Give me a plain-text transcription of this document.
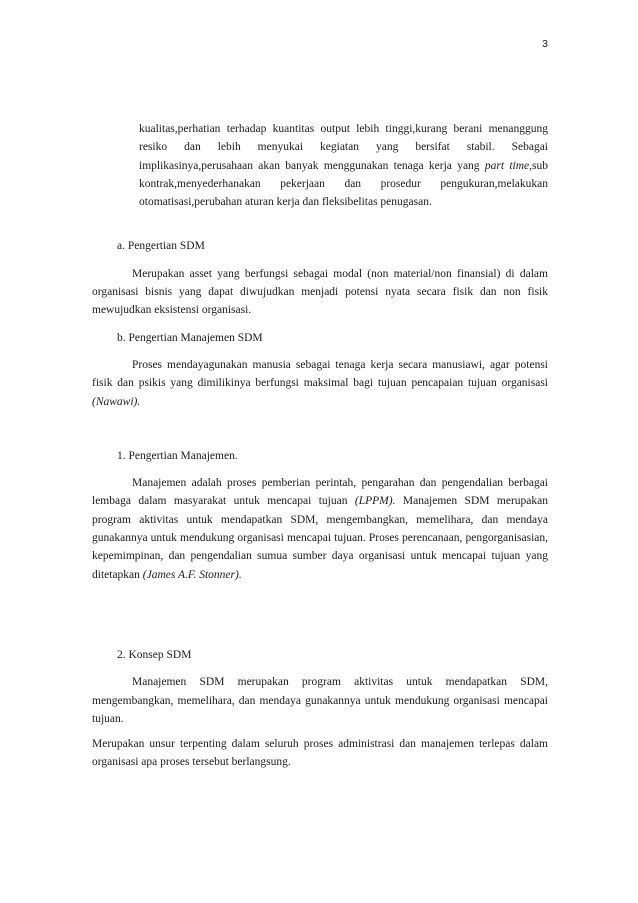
3

kualitas,perhatian terhadap kuantitas output lebih tinggi,kurang berani menanggung resiko dan lebih menyukai kegiatan yang bersifat stabil. Sebagai implikasinya,perusahaan akan banyak menggunakan tenaga kerja yang part time,sub kontrak,menyederhanakan pekerjaan dan prosedur pengukuran,melakukan otomatisasi,perubahan aturan kerja dan fleksibelitas penugasan.

a. Pengertian SDM

Merupakan asset yang berfungsi sebagai modal (non material/non finansial) di dalam organisasi bisnis yang dapat diwujudkan menjadi potensi nyata secara fisik dan non fisik mewujudkan eksistensi organisasi.

b. Pengertian Manajemen SDM

Proses mendayagunakan manusia sebagai tenaga kerja secara manusiawi, agar potensi fisik dan psikis yang dimilikinya berfungsi maksimal bagi tujuan pencapaian tujuan organisasi (Nawawi).

1. Pengertian Manajemen.

Manajemen adalah proses pemberian perintah, pengarahan dan pengendalian berbagai lembaga dalam masyarakat untuk mencapai tujuan (LPPM). Manajemen SDM merupakan program aktivitas untuk mendapatkan SDM, mengembangkan, memelihara, dan mendaya gunakannya untuk mendukung organisasi mencapai tujuan. Proses perencanaan, pengorganisasian, kepemimpinan, dan pengendalian sumua sumber daya organisasi untuk mencapai tujuan yang ditetapkan (James A.F. Stonner).

2. Konsep SDM

Manajemen SDM merupakan program aktivitas untuk mendapatkan SDM, mengembangkan, memelihara, dan mendaya gunakannya untuk mendukung organisasi mencapai tujuan.

Merupakan unsur terpenting dalam seluruh proses administrasi dan manajemen terlepas dalam organisasi apa proses tersebut berlangsung.
